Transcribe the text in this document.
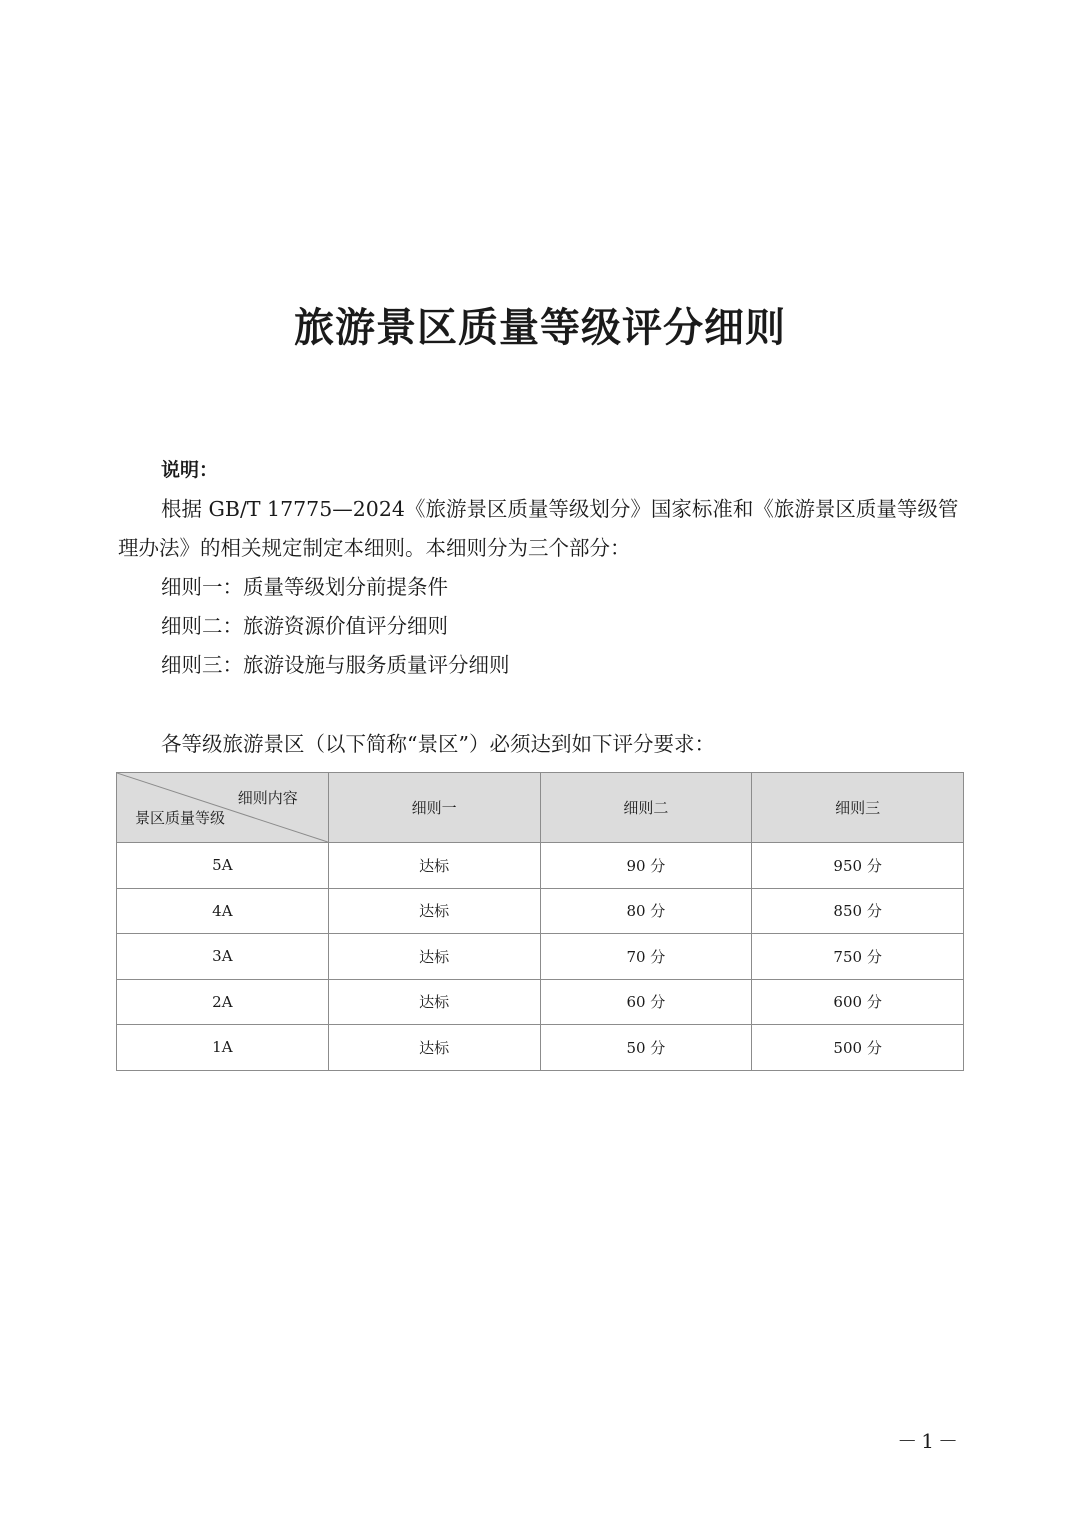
旅游景区质量等级评分细则
说明：
根据 GB/T 17775—2024《旅游景区质量等级划分》国家标准和《旅游景区质量等级管
理办法》的相关规定制定本细则。本细则分为三个部分：
细则一：质量等级划分前提条件
细则二：旅游资源价值评分细则
细则三：旅游设施与服务质量评分细则
各等级旅游景区（以下简称“景区”）必须达到如下评分要求：
细则内容
景区质量等级	细则一	细则二	细则三
5A	达标	90 分	950 分
4A	达标	80 分	850 分
3A	达标	70 分	750 分
2A	达标	60 分	600 分
1A	达标	50 分	500 分
－1－
